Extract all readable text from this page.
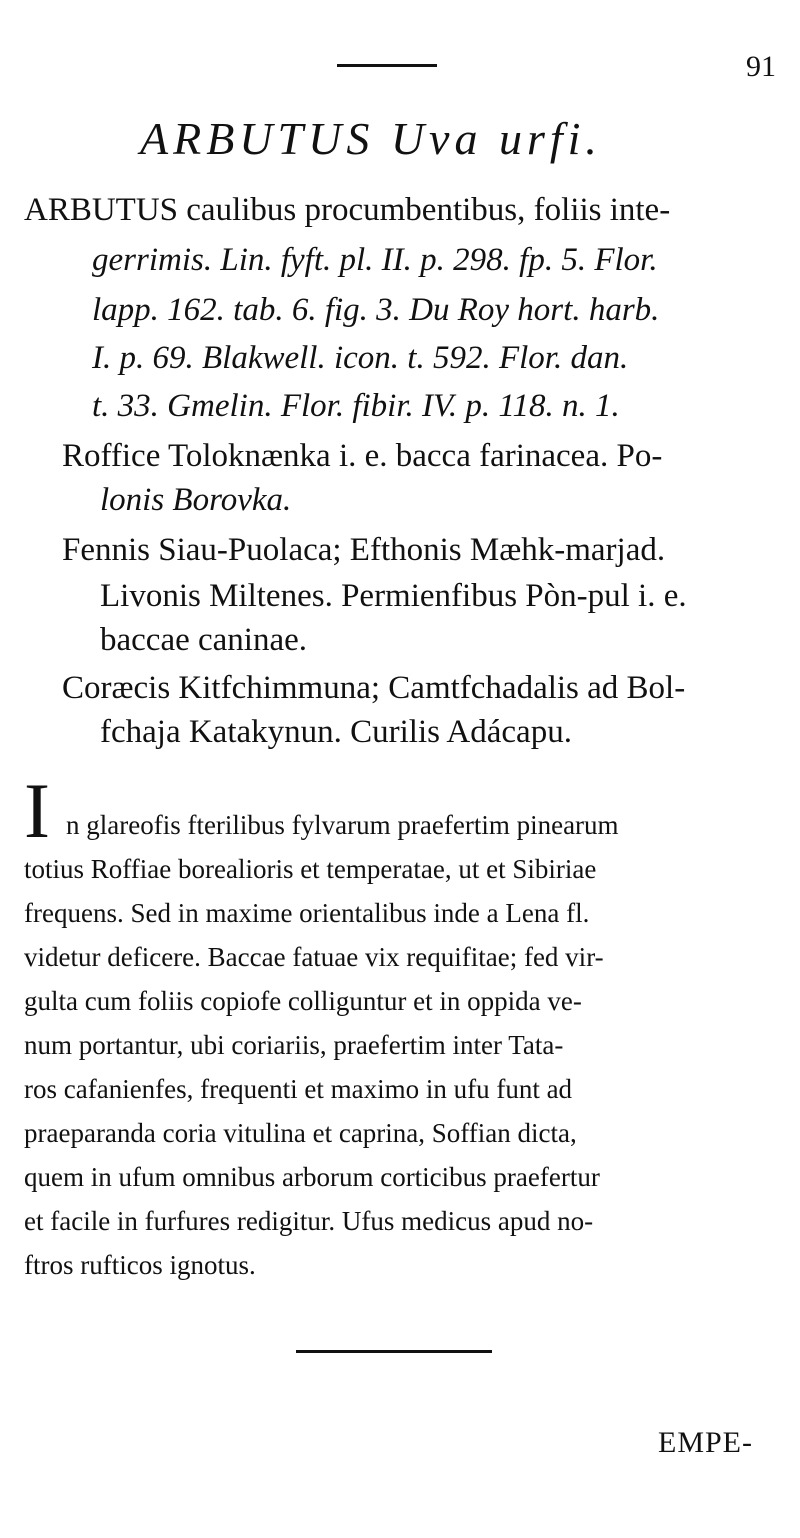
91
ARBUTUS Uva urfi.
ARBUTUS caulibus procumbentibus, foliis inte-
gerrimis. Lin. fyft. pl. II. p. 298. fp. 5. Flor.
lapp. 162. tab. 6. fig. 3. Du Roy hort. harb.
I. p. 69. Blakwell. icon. t. 592. Flor. dan.
t. 33. Gmelin. Flor. fibir. IV. p. 118. n. 1.
Roffice Toloknænka i. e. bacca farinacea. Po-
lonis Borovka.
Fennis Siau-Puolaca; Efthonis Mæhk-marjad.
Livonis Miltenes. Permienfibus Pòn-pul i. e.
baccae caninae.
Coræcis Kitfchimmuna; Camtfchadalis ad Bol-
fchaja Katakynun. Curilis Adácapu.
I n glareofis fterilibus fylvarum praefertim pinearum
totius Roffiae borealioris et temperatae, ut et Sibiriae
frequens. Sed in maxime orientalibus inde a Lena fl.
videtur deficere. Baccae fatuae vix requifitae; fed vir-
gulta cum foliis copiofe colliguntur et in oppida ve-
num portantur, ubi coriariis, praefertim inter Tata-
ros cafanienfes, frequenti et maximo in ufu funt ad
praeparanda coria vitulina et caprina, Soffian dicta,
quem in ufum omnibus arborum corticibus praefertur
et facile in furfures redigitur. Ufus medicus apud no-
ftros rufticos ignotus.
EMPE-
